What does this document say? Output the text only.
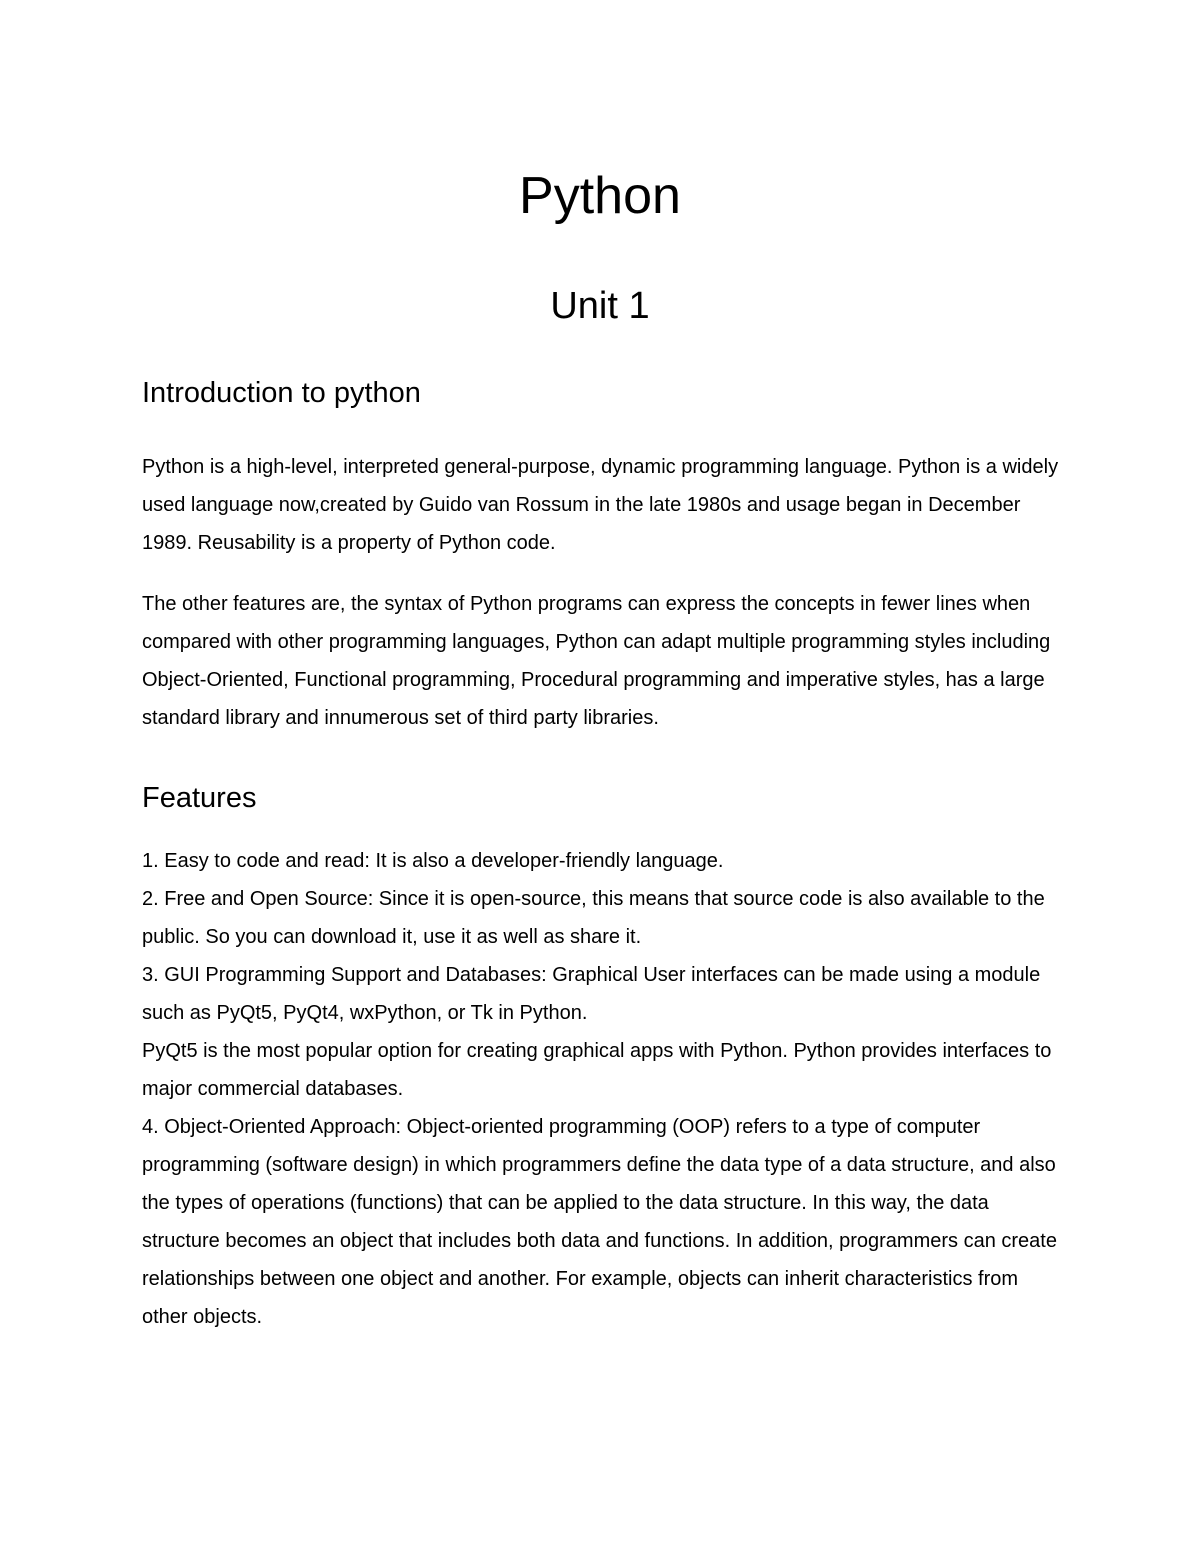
Python
Unit 1
Introduction to python

Python is a high-level, interpreted general-purpose, dynamic programming language. Python is a widely used language now,created by Guido van Rossum in the late 1980s and usage began in December 1989. Reusability is a property of Python code.

The other features are, the syntax of Python programs can express the concepts in fewer lines when compared with other programming languages, Python can adapt multiple programming styles including Object-Oriented, Functional programming, Procedural programming and imperative styles, has a large standard library and innumerous set of third party libraries.

Features
1. Easy to code and read: It is also a developer-friendly language.
2. Free and Open Source: Since it is open-source, this means that source code is also available to the public. So you can download it, use it as well as share it.
3. GUI Programming Support and Databases: Graphical User interfaces can be made using a module such as PyQt5, PyQt4, wxPython, or Tk in Python.
PyQt5 is the most popular option for creating graphical apps with Python. Python provides interfaces to major commercial databases.
4. Object-Oriented Approach: Object-oriented programming (OOP) refers to a type of computer programming (software design) in which programmers define the data type of a data structure, and also the types of operations (functions) that can be applied to the data structure. In this way, the data structure becomes an object that includes both data and functions. In addition, programmers can create relationships between one object and another. For example, objects can inherit characteristics from other objects.
